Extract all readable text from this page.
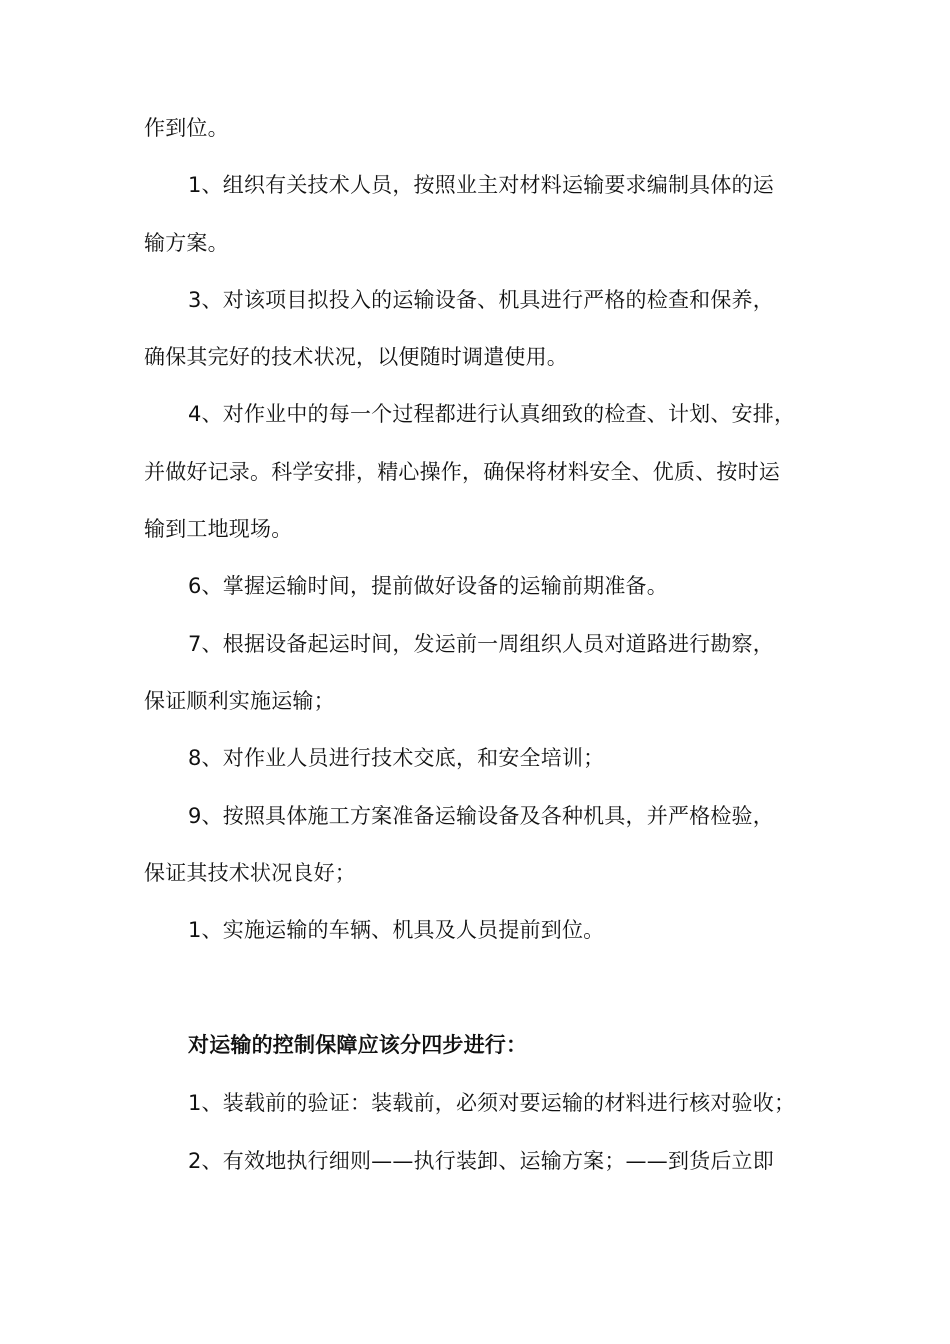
作到位。
1、组织有关技术人员，按照业主对材料运输要求编制具体的运
输方案。
3、对该项目拟投入的运输设备、机具进行严格的检查和保养，
确保其完好的技术状况，以便随时调遣使用。
4、对作业中的每一个过程都进行认真细致的检查、计划、安排，
并做好记录。科学安排，精心操作，确保将材料安全、优质、按时运
输到工地现场。
6、掌握运输时间，提前做好设备的运输前期准备。
7、根据设备起运时间，发运前一周组织人员对道路进行勘察，
保证顺利实施运输；
8、对作业人员进行技术交底，和安全培训；
9、按照具体施工方案准备运输设备及各种机具，并严格检验，
保证其技术状况良好；
1、实施运输的车辆、机具及人员提前到位。
对运输的控制保障应该分四步进行：
1、装载前的验证：装载前，必须对要运输的材料进行核对验收；
2、有效地执行细则——执行装卸、运输方案；——到货后立即
